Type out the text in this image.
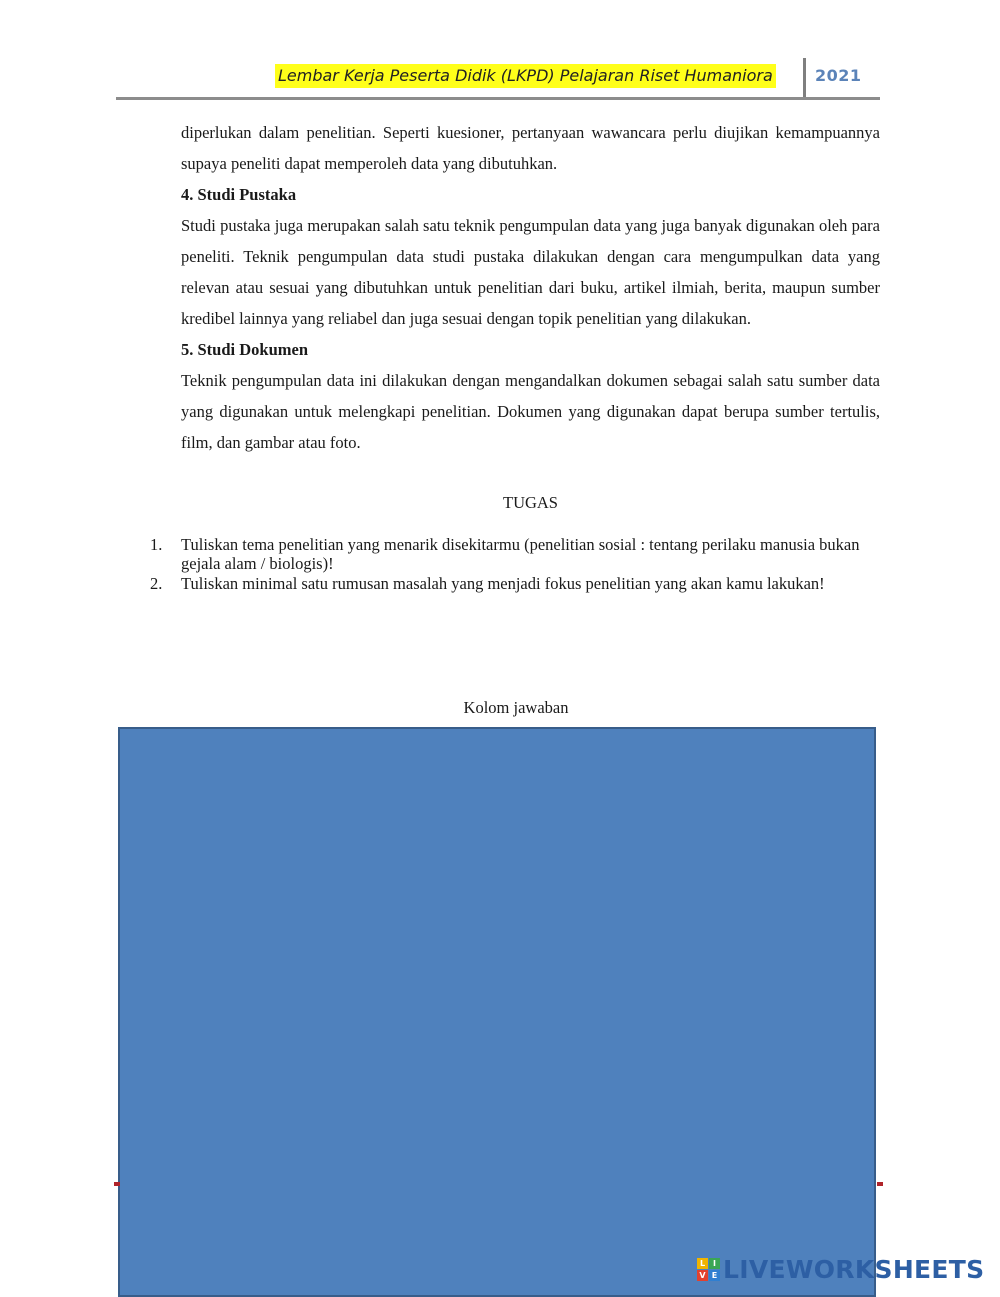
Lembar Kerja Peserta Didik (LKPD) Pelajaran Riset Humaniora	2021

diperlukan dalam penelitian. Seperti kuesioner, pertanyaan wawancara perlu diujikan kemampuannya supaya peneliti dapat memperoleh data yang dibutuhkan.

4. Studi Pustaka

Studi pustaka juga merupakan salah satu teknik pengumpulan data yang juga banyak digunakan oleh para peneliti. Teknik pengumpulan data studi pustaka dilakukan dengan cara mengumpulkan data yang relevan atau sesuai yang dibutuhkan untuk penelitian dari buku, artikel ilmiah, berita, maupun sumber kredibel lainnya yang reliabel dan juga sesuai dengan topik penelitian yang dilakukan.

5. Studi Dokumen

Teknik pengumpulan data ini dilakukan dengan mengandalkan dokumen sebagai salah satu sumber data yang digunakan untuk melengkapi penelitian. Dokumen yang digunakan dapat berupa sumber tertulis, film, dan gambar atau foto.

TUGAS
1.	Tuliskan tema penelitian yang menarik disekitarmu (penelitian sosial : tentang perilaku manusia bukan gejala alam / biologis)!
2.	Tuliskan minimal satu rumusan masalah yang menjadi fokus penelitian yang akan kamu lakukan!
Kolom jawaban
L I
V E LIVEWORKSHEETS
